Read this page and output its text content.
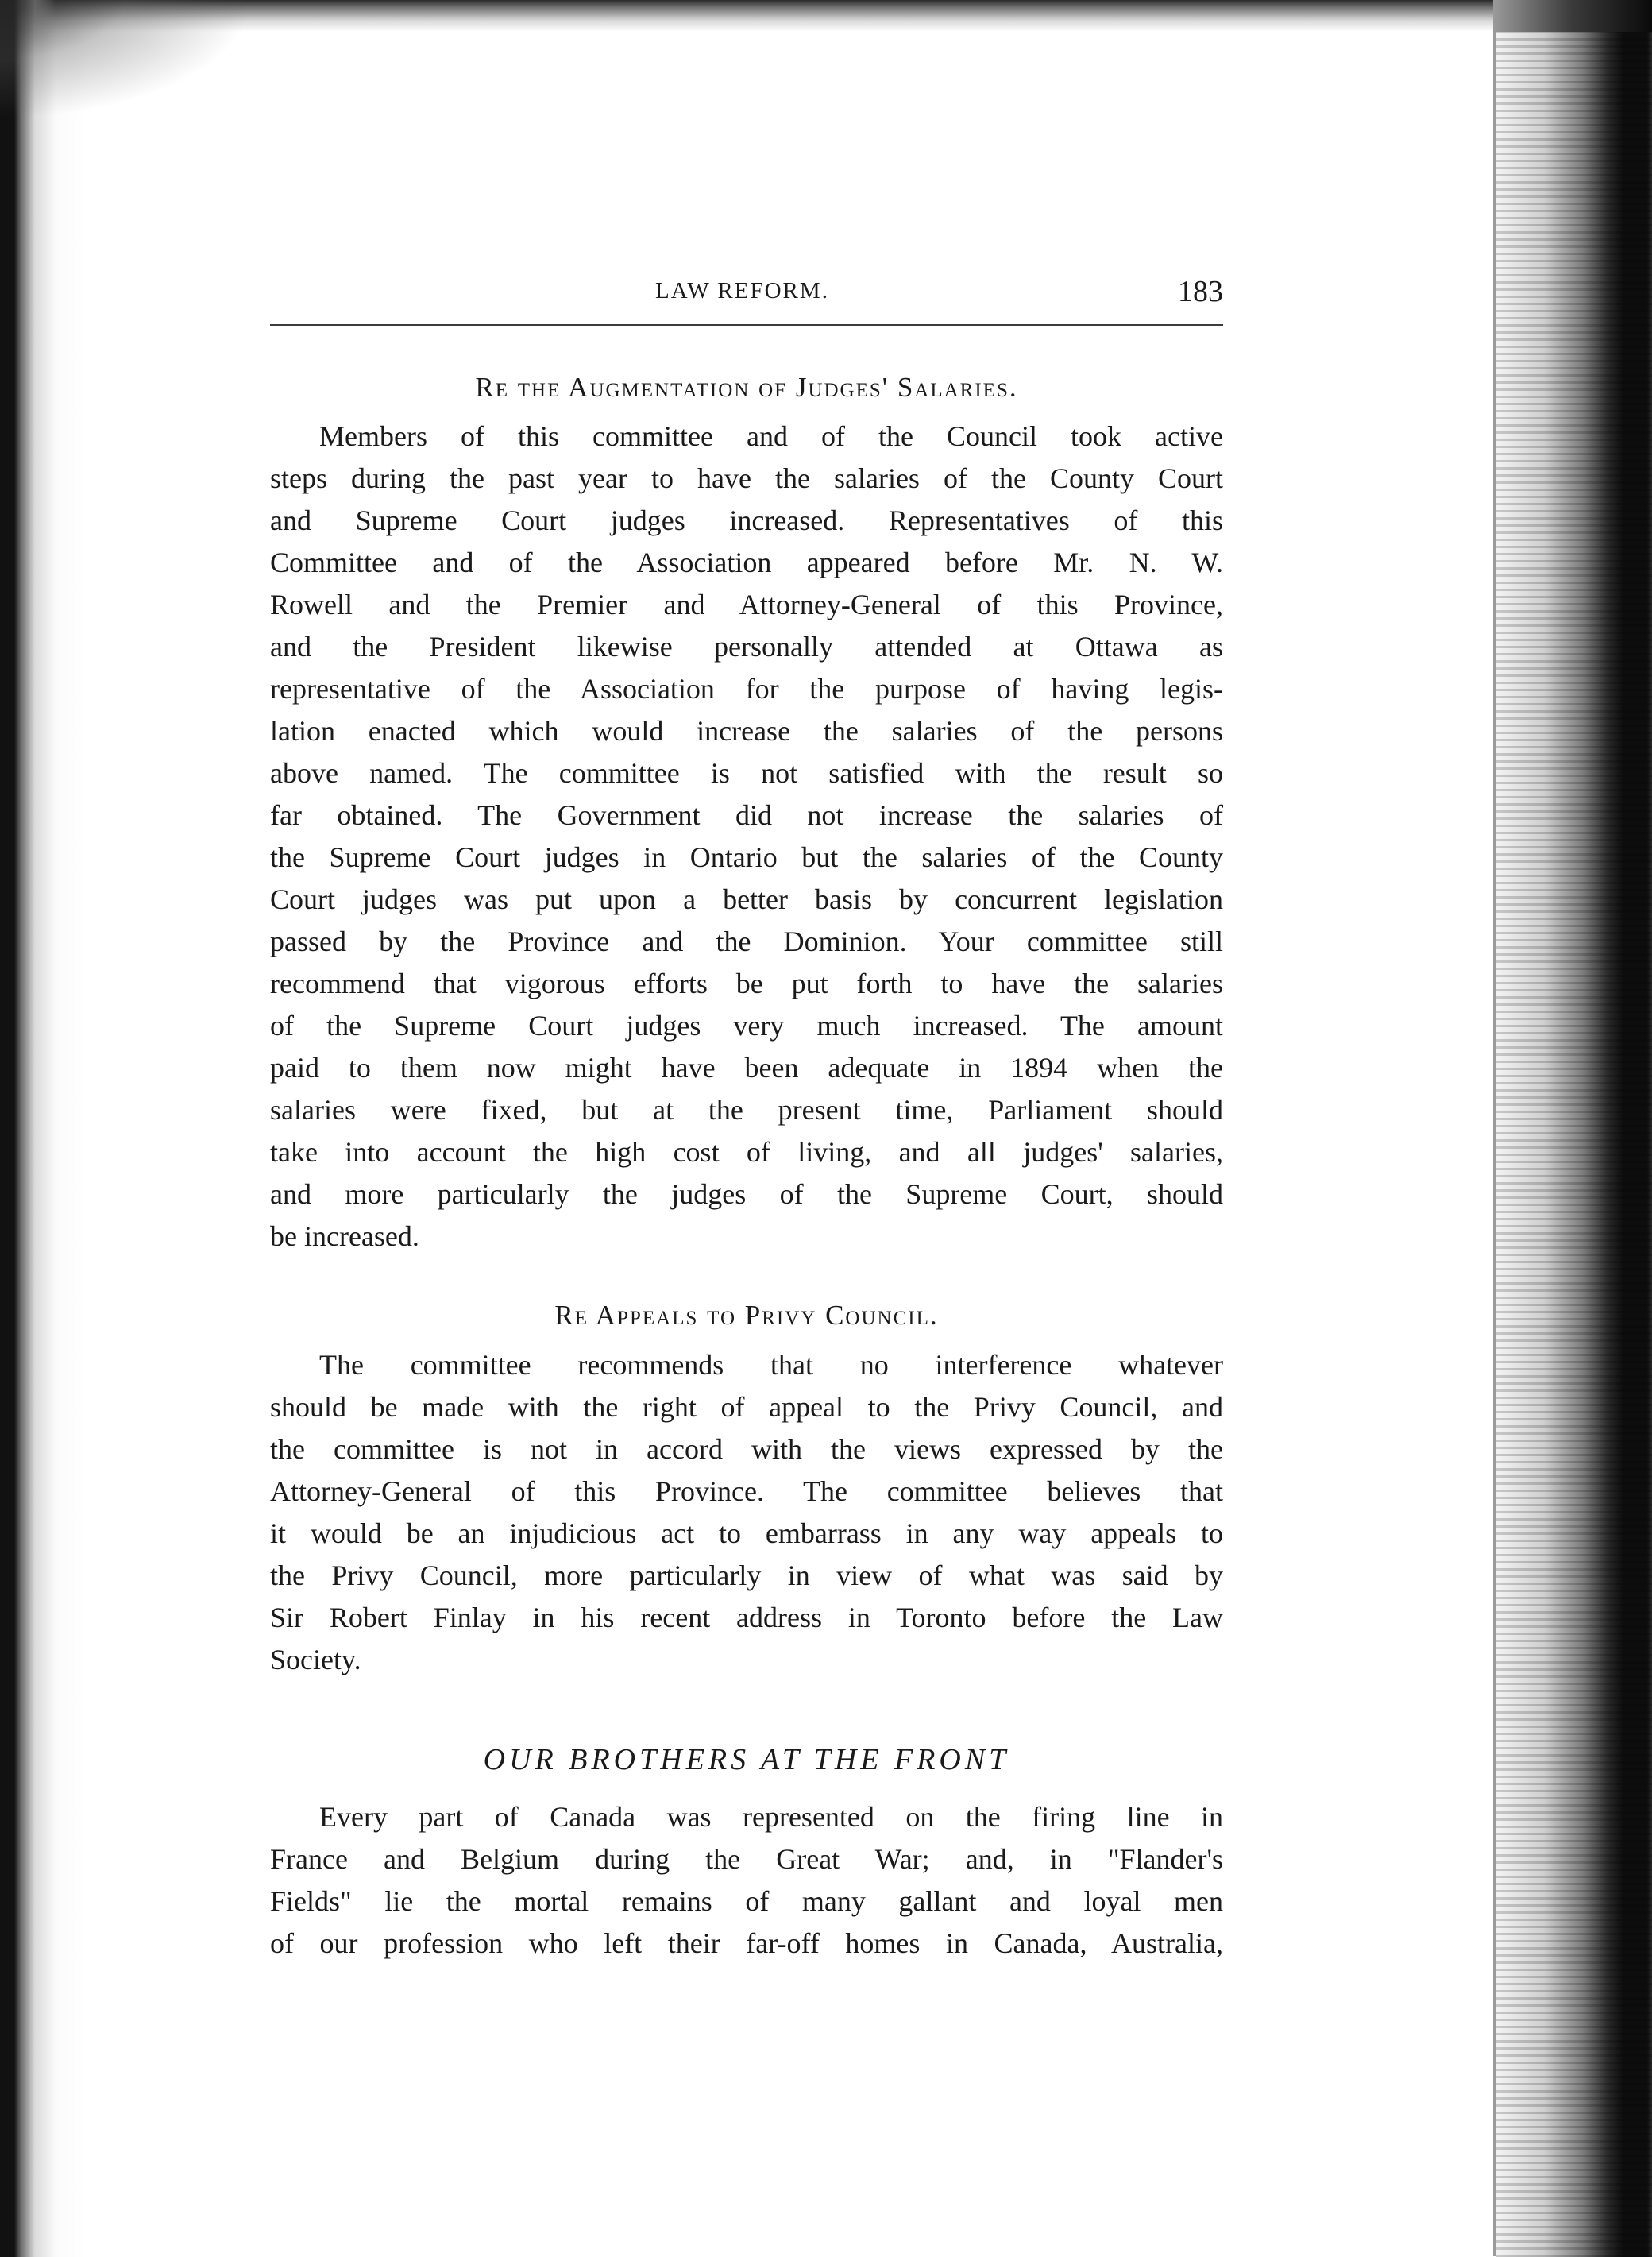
LAW REFORM.	183
Re the Augmentation of Judges' Salaries.
Members of this committee and of the Council took active
steps during the past year to have the salaries of the County Court
and Supreme Court judges increased. Representatives of this
Committee and of the Association appeared before Mr. N. W.
Rowell and the Premier and Attorney-General of this Province,
and the President likewise personally attended at Ottawa as
representative of the Association for the purpose of having legis-
lation enacted which would increase the salaries of the persons
above named. The committee is not satisfied with the result so
far obtained. The Government did not increase the salaries of
the Supreme Court judges in Ontario but the salaries of the County
Court judges was put upon a better basis by concurrent legislation
passed by the Province and the Dominion. Your committee still
recommend that vigorous efforts be put forth to have the salaries
of the Supreme Court judges very much increased. The amount
paid to them now might have been adequate in 1894 when the
salaries were fixed, but at the present time, Parliament should
take into account the high cost of living, and all judges' salaries,
and more particularly the judges of the Supreme Court, should
be increased.
Re Appeals to Privy Council.
The committee recommends that no interference whatever
should be made with the right of appeal to the Privy Council, and
the committee is not in accord with the views expressed by the
Attorney-General of this Province. The committee believes that
it would be an injudicious act to embarrass in any way appeals to
the Privy Council, more particularly in view of what was said by
Sir Robert Finlay in his recent address in Toronto before the Law
Society.
OUR BROTHERS AT THE FRONT
Every part of Canada was represented on the firing line in
France and Belgium during the Great War; and, in "Flander's
Fields" lie the mortal remains of many gallant and loyal men
of our profession who left their far-off homes in Canada, Australia,
